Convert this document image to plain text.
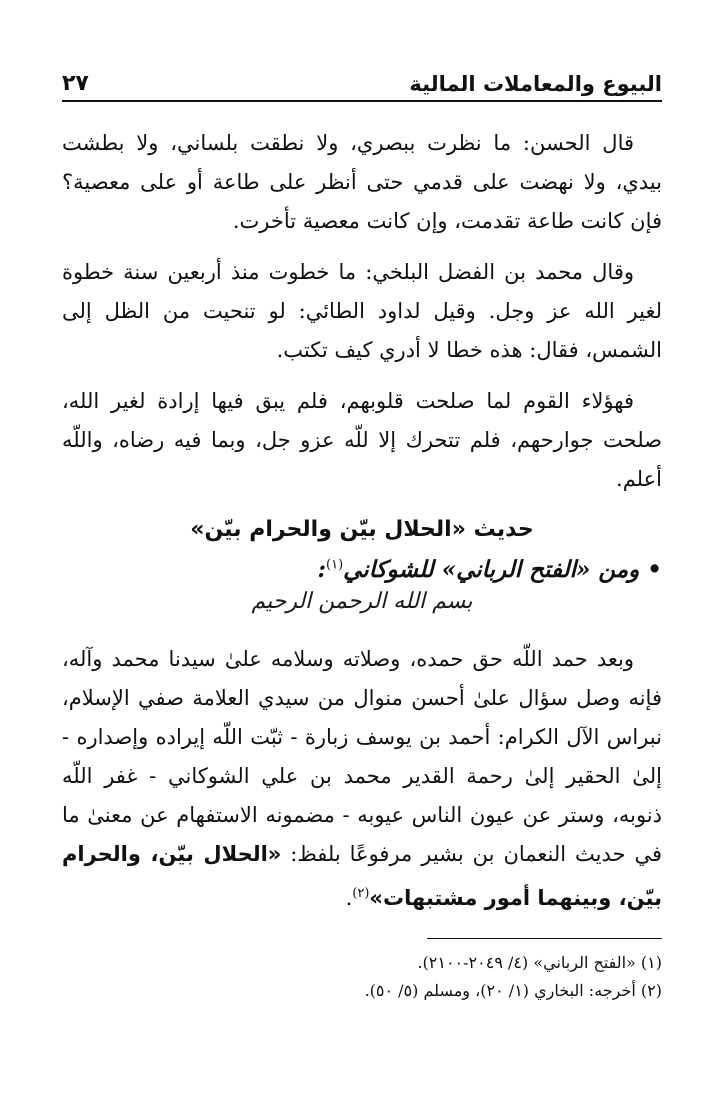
البيوع والمعاملات المالية
٢٧

قال الحسن: ما نظرت ببصري، ولا نطقت بلساني، ولا بطشت بيدي، ولا نهضت على قدمي حتى أنظر على طاعة أو على معصية؟ فإن كانت طاعة تقدمت، وإن كانت معصية تأخرت.

وقال محمد بن الفضل البلخي: ما خطوت منذ أربعين سنة خطوة لغير الله عز وجل. وقيل لداود الطائي: لو تنحيت من الظل إلى الشمس، فقال: هذه خطا لا أدري كيف تكتب.

فهؤلاء القوم لما صلحت قلوبهم، فلم يبق فيها إرادة لغير الله، صلحت جوارحهم، فلم تتحرك إلا للّه عزو جل، وبما فيه رضاه، واللّه أعلم.

حديث «الحلال بيّن والحرام بيّن»
•ومن «الفتح الرباني» للشوكاني$^{(١)}$:
بسم الله الرحمن الرحيم

وبعد حمد اللّه حق حمده، وصلاته وسلامه علىٰ سيدنا محمد وآله، فإنه وصل سؤال علىٰ أحسن منوال من سيدي العلامة صفي الإسلام، نبراس الآل الكرام: أحمد بن يوسف زبارة - ثبّت اللّه إيراده وإصداره - إلىٰ الحقير إلىٰ رحمة القدير محمد بن علي الشوكاني - غفر اللّه ذنوبه، وستر عن عيون الناس عيوبه - مضمونه الاستفهام عن معنىٰ ما في حديث النعمان بن بشير مرفوعًا بلفظ: «الحلال بيّن، والحرام بيّن، وبينهما أمور مشتبهات»$^{(٢)}$.

(١) «الفتح الرباني» (٤/ ٢٠٤٩-٢١٠٠).

(٢) أخرجه: البخاري (١/ ٢٠)، ومسلم (٥/ ٥٠).
